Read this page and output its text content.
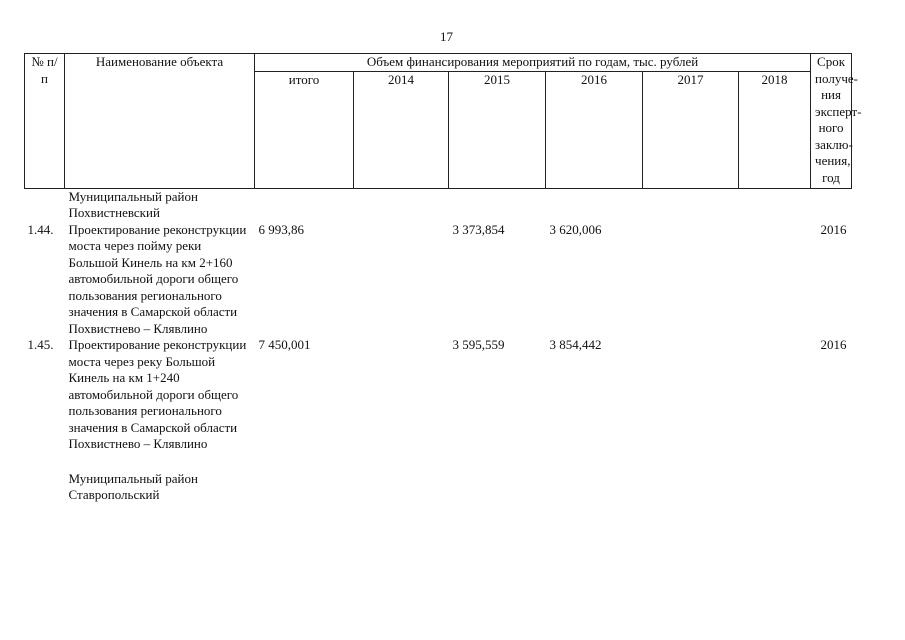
17
№ п/п	Наименование объекта	Объем финансирования мероприятий по годам, тыс. рублей						Срок получе-ния эксперт-ного заклю-чения, год
		итого	2014	2015	2016	2017	2018	
	Муниципальный район Похвистневский							
1.44.	Проектирование реконструкции моста через пойму реки Большой Кинель на км 2+160 автомобильной дороги общего пользования регионального значения в Самарской области Похвистнево – Клявлино	6 993,86		3 373,854	3 620,006			2016
1.45.	Проектирование реконструкции моста через реку Большой Кинель на км 1+240 автомобильной дороги общего пользования регионального значения в Самарской области Похвистнево – Клявлино	7 450,001		3 595,559	3 854,442			2016

	Муниципальный район Ставропольский							
